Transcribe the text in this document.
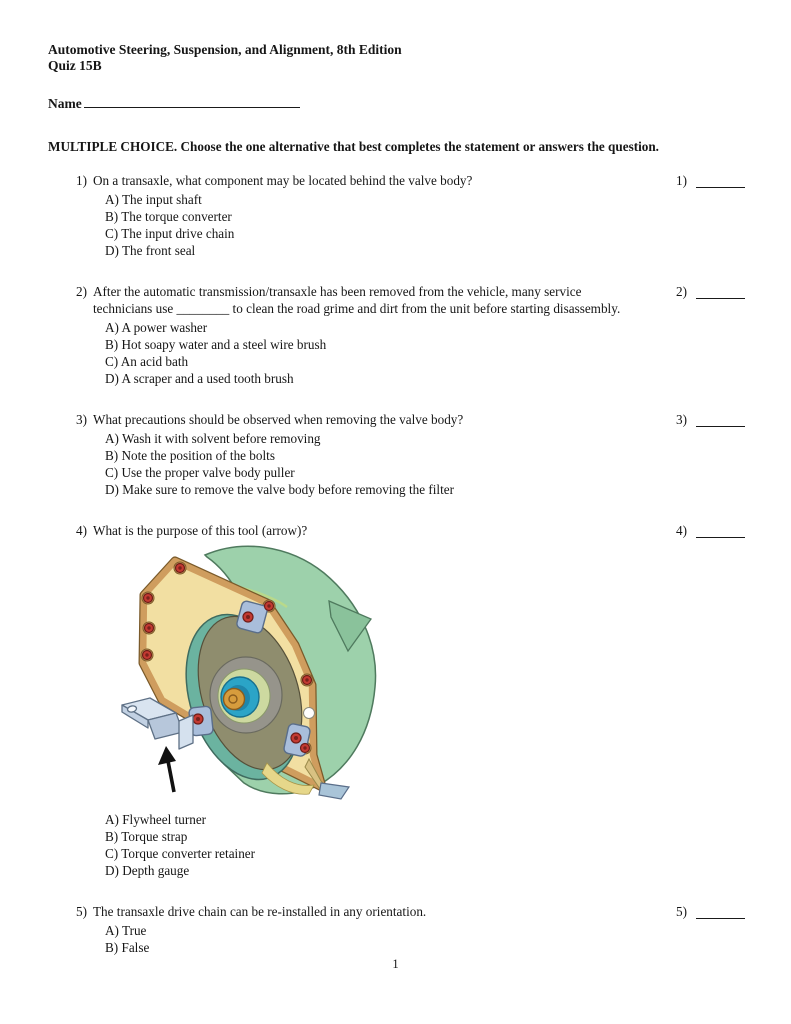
Automotive Steering, Suspension, and Alignment, 8th Edition
Quiz 15B
Name
MULTIPLE CHOICE. Choose the one alternative that best completes the statement or answers the question.
1) On a transaxle, what component may be located behind the valve body?
A) The input shaft
B) The torque converter
C) The input drive chain
D) The front seal
1)
2) After the automatic transmission/transaxle has been removed from the vehicle, many service technicians use ________ to clean the road grime and dirt from the unit before starting disassembly.
A) A power washer
B) Hot soapy water and a steel wire brush
C) An acid bath
D) A scraper and a used tooth brush
2)
3) What precautions should be observed when removing the valve body?
A) Wash it with solvent before removing
B) Note the position of the bolts
C) Use the proper valve body puller
D) Make sure to remove the valve body before removing the filter
3)
4) What is the purpose of this tool (arrow)?
A) Flywheel turner
B) Torque strap
C) Torque converter retainer
D) Depth gauge
4)
5) The transaxle drive chain can be re-installed in any orientation.
A) True
B) False
5)
1
